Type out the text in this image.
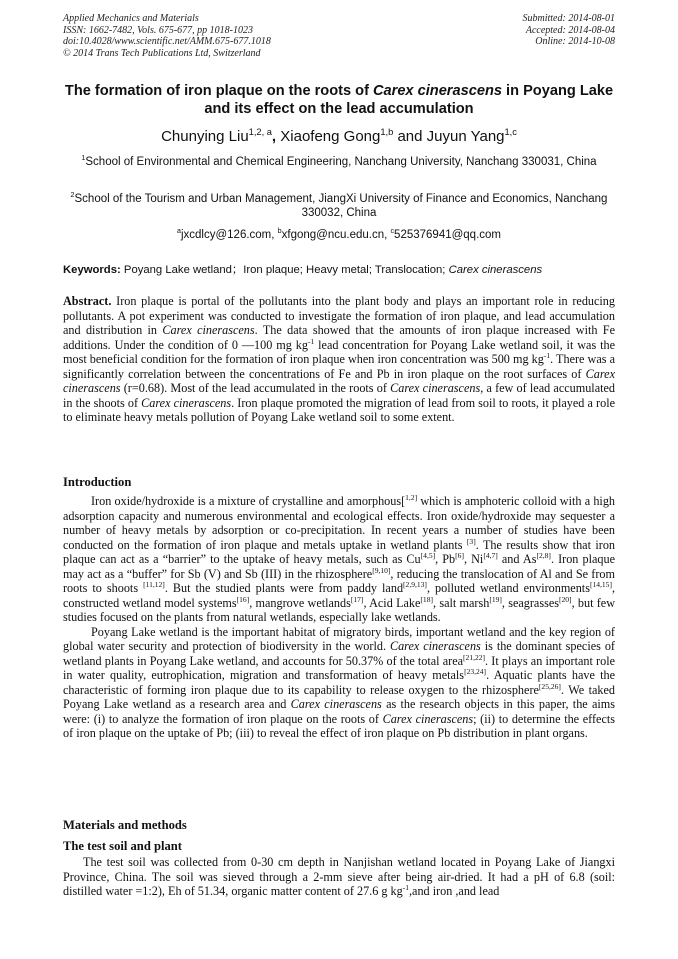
Applied Mechanics and Materials
ISSN: 1662-7482, Vols. 675-677, pp 1018-1023
doi:10.4028/www.scientific.net/AMM.675-677.1018
© 2014 Trans Tech Publications Ltd, Switzerland
Submitted: 2014-08-01
Accepted: 2014-08-04
Online: 2014-10-08
The formation of iron plaque on the roots of Carex cinerascens in Poyang Lake and its effect on the lead accumulation
Chunying Liu$^{1,2, a}$, Xiaofeng Gong$^{1,b}$ and Juyun Yang$^{1,c}$
$^1$School of Environmental and Chemical Engineering, Nanchang University, Nanchang 330031, China
$^2$School of the Tourism and Urban Management, JiangXi University of Finance and Economics, Nanchang 330032, China
$^a$jxcdlcy@126.com, $^b$xfgong@ncu.edu.cn, $^c$525376941@qq.com
Keywords: Poyang Lake wetland；Iron plaque; Heavy metal; Translocation; Carex cinerascens
Abstract. Iron plaque is portal of the pollutants into the plant body and plays an important role in reducing pollutants. A pot experiment was conducted to investigate the formation of iron plaque, and lead accumulation and distribution in Carex cinerascens. The data showed that the amounts of iron plaque increased with Fe additions. Under the condition of 0 —100 mg $kg^{-1}$ lead concentration for Poyang Lake wetland soil, it was the most beneficial condition for the formation of iron plaque when iron concentration was 500 mg $kg^{-1}$. There was a significantly correlation between the concentrations of Fe and Pb in iron plaque on the root surfaces of Carex cinerascens (r=0.68). Most of the lead accumulated in the roots of Carex cinerascens, a few of lead accumulated in the shoots of Carex cinerascens. Iron plaque promoted the migration of lead from soil to roots, it played a role to eliminate heavy metals pollution of Poyang Lake wetland soil to some extent.
Introduction

Iron oxide/hydroxide is a mixture of crystalline and amorphous[$^{1,2]}$ which is amphoteric colloid with a high adsorption capacity and numerous environmental and ecological effects. Iron oxide/hydroxide may sequester a number of heavy metals by adsorption or co-precipitation. In recent years a number of studies have been conducted on the formation of iron plaque and metals uptake in wetland plants [3]. The results show that iron plaque can act as a “barrier” to the uptake of heavy metals, such as Cu[4,5], Pb[6], Ni[4,7] and As[2,8]. Iron plaque may act as a “buffer” for Sb (V) and Sb (III) in the rhizosphere[9,10], reducing the translocation of Al and Se from roots to shoots [11,12]. But the studied plants were from paddy land[2,9,13], polluted wetland environments[14,15], constructed wetland model systems[16], mangrove wetlands[17], Acid Lake[18], salt marsh[19], seagrasses[20], but few studies focused on the plants from natural wetlands, especially lake wetlands.

Poyang Lake wetland is the important habitat of migratory birds, important wetland and the key region of global water security and protection of biodiversity in the world. Carex cinerascens is the dominant species of wetland plants in Poyang Lake wetland, and accounts for 50.37% of the total area[21,22]. It plays an important role in water quality, eutrophication, migration and transformation of heavy metals[23,24]. Aquatic plants have the characteristic of forming iron plaque due to its capability to release oxygen to the rhizosphere[25,26]. We taked Poyang Lake wetland as a research area and Carex cinerascens as the research objects in this paper, the aims were: (i) to analyze the formation of iron plaque on the roots of Carex cinerascens; (ii) to determine the effects of iron plaque on the uptake of Pb; (iii) to reveal the effect of iron plaque on Pb distribution in plant organs.

Materials and methods
The test soil and plant

The test soil was collected from 0-30 cm depth in Nanjishan wetland located in Poyang Lake of Jiangxi Province, China. The soil was sieved through a 2-mm sieve after being air-dried. It had a pH of 6.8 (soil: distilled water =1:2), Eh of 51.34, organic matter content of 27.6 g $kg^{-1},and$ iron ,and lead
